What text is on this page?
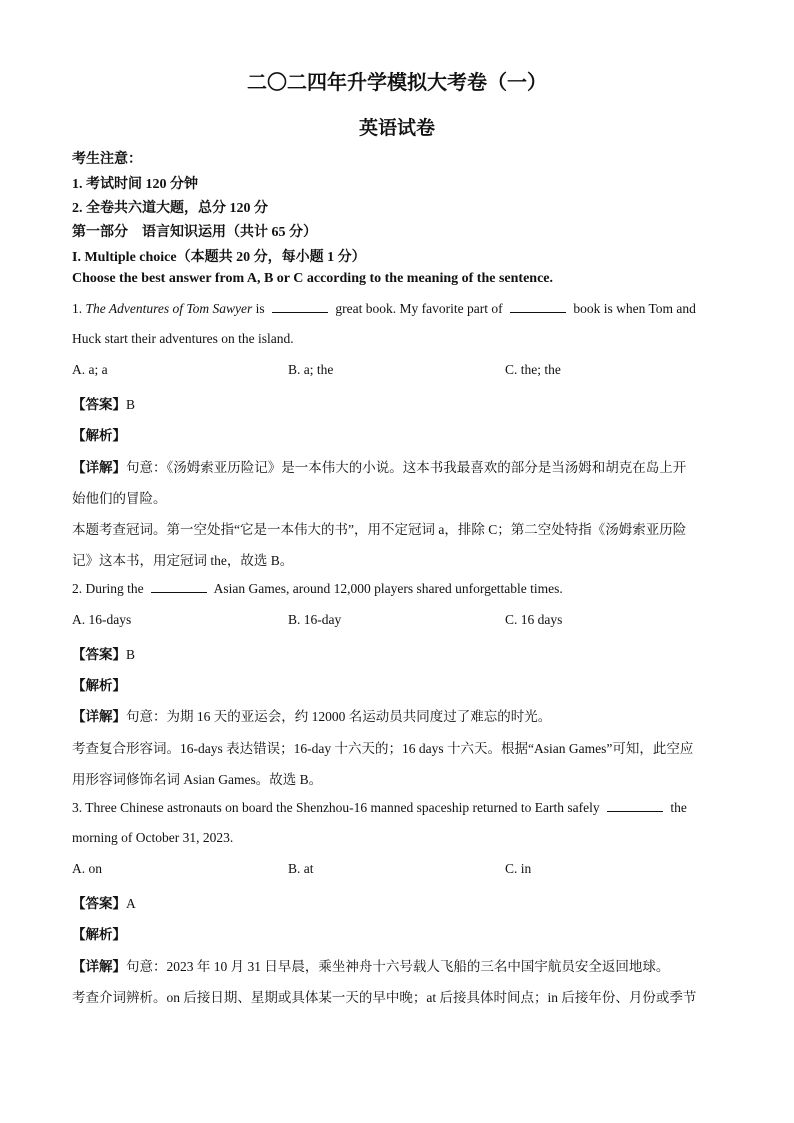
二〇二四年升学模拟大考卷（一）
英语试卷
考生注意：
1. 考试时间 120 分钟
2. 全卷共六道大题，总分 120 分
第一部分　语言知识运用（共计 65 分）
I. Multiple choice（本题共 20 分，每小题 1 分）
Choose the best answer from A, B or C according to the meaning of the sentence.
1. The Adventures of Tom Sawyer is	great book. My favorite part of	book is when Tom and
Huck start their adventures on the island.
A. a; a	B. a; the	C. the; the
【答案】B
【解析】
【详解】句意：《汤姆索亚历险记》是一本伟大的小说。这本书我最喜欢的部分是当汤姆和胡克在岛上开
始他们的冒险。
本题考查冠词。第一空处指“它是一本伟大的书”，用不定冠词 a，排除 C；第二空处特指《汤姆索亚历险
记》这本书，用定冠词 the，故选 B。
2. During the	Asian Games, around 12,000 players shared unforgettable times.
A. 16-days	B. 16-day	C. 16 days
【答案】B
【解析】
【详解】句意：为期 16 天的亚运会，约 12000 名运动员共同度过了难忘的时光。
考查复合形容词。16-days 表达错误；16-day 十六天的；16 days 十六天。根据“Asian Games”可知，此空应
用形容词修饰名词 Asian Games。故选 B。
3. Three Chinese astronauts on board the Shenzhou-16 manned spaceship returned to Earth safely	the
morning of October 31, 2023.
A. on	B. at	C. in
【答案】A
【解析】
【详解】句意：2023 年 10 月 31 日早晨，乘坐神舟十六号载人飞船的三名中国宇航员安全返回地球。
考查介词辨析。on 后接日期、星期或具体某一天的早中晚；at 后接具体时间点；in 后接年份、月份或季节
